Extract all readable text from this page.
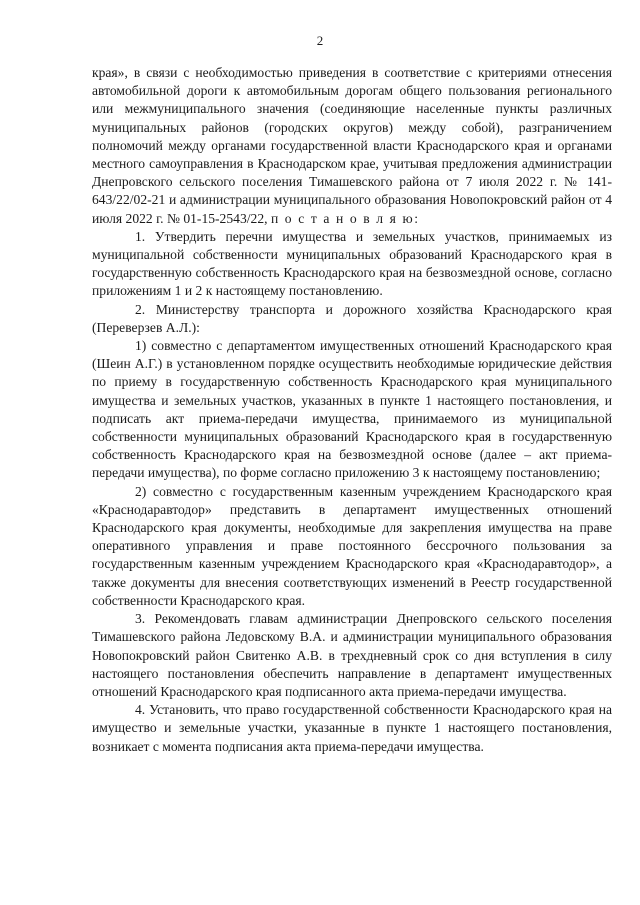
2

края», в связи с необходимостью приведения в соответствие с критериями отнесения автомобильной дороги к автомобильным дорогам общего пользования регионального или межмуниципального значения (соединяющие населенные пункты различных муниципальных районов (городских округов) между собой), разграничением полномочий между органами государственной власти Краснодарского края и органами местного самоуправления в Краснодарском крае, учитывая предложения администрации Днепровского сельского поселения Тимашевского района от 7 июля 2022 г. № 141-643/22/02-21 и администрации муниципального образования Новопокровский район от 4 июля 2022 г. № 01-15-2543/22, п о с т а н о в л я ю:

1. Утвердить перечни имущества и земельных участков, принимаемых из муниципальной собственности муниципальных образований Краснодарского края в государственную собственность Краснодарского края на безвозмездной основе, согласно приложениям 1 и 2 к настоящему постановлению.

2. Министерству транспорта и дорожного хозяйства Краснодарского края (Переверзев А.Л.):

1) совместно с департаментом имущественных отношений Краснодарского края (Шеин А.Г.) в установленном порядке осуществить необходимые юридические действия по приему в государственную собственность Краснодарского края муниципального имущества и земельных участков, указанных в пункте 1 настоящего постановления, и подписать акт приема-передачи имущества, принимаемого из муниципальной собственности муниципальных образований Краснодарского края в государственную собственность Краснодарского края на безвозмездной основе (далее – акт приема-передачи имущества), по форме согласно приложению 3 к настоящему постановлению;

2) совместно с государственным казенным учреждением Краснодарского края «Краснодаравтодор» представить в департамент имущественных отношений Краснодарского края документы, необходимые для закрепления имущества на праве оперативного управления и праве постоянного бессрочного пользования за государственным казенным учреждением Краснодарского края «Краснодаравтодор», а также документы для внесения соответствующих изменений в Реестр государственной собственности Краснодарского края.

3. Рекомендовать главам администрации Днепровского сельского поселения Тимашевского района Ледовскому В.А. и администрации муниципального образования Новопокровский район Свитенко А.В. в трехдневный срок со дня вступления в силу настоящего постановления обеспечить направление в департамент имущественных отношений Краснодарского края подписанного акта приема-передачи имущества.

4. Установить, что право государственной собственности Краснодарского края на имущество и земельные участки, указанные в пункте 1 настоящего постановления, возникает с момента подписания акта приема-передачи имущества.
